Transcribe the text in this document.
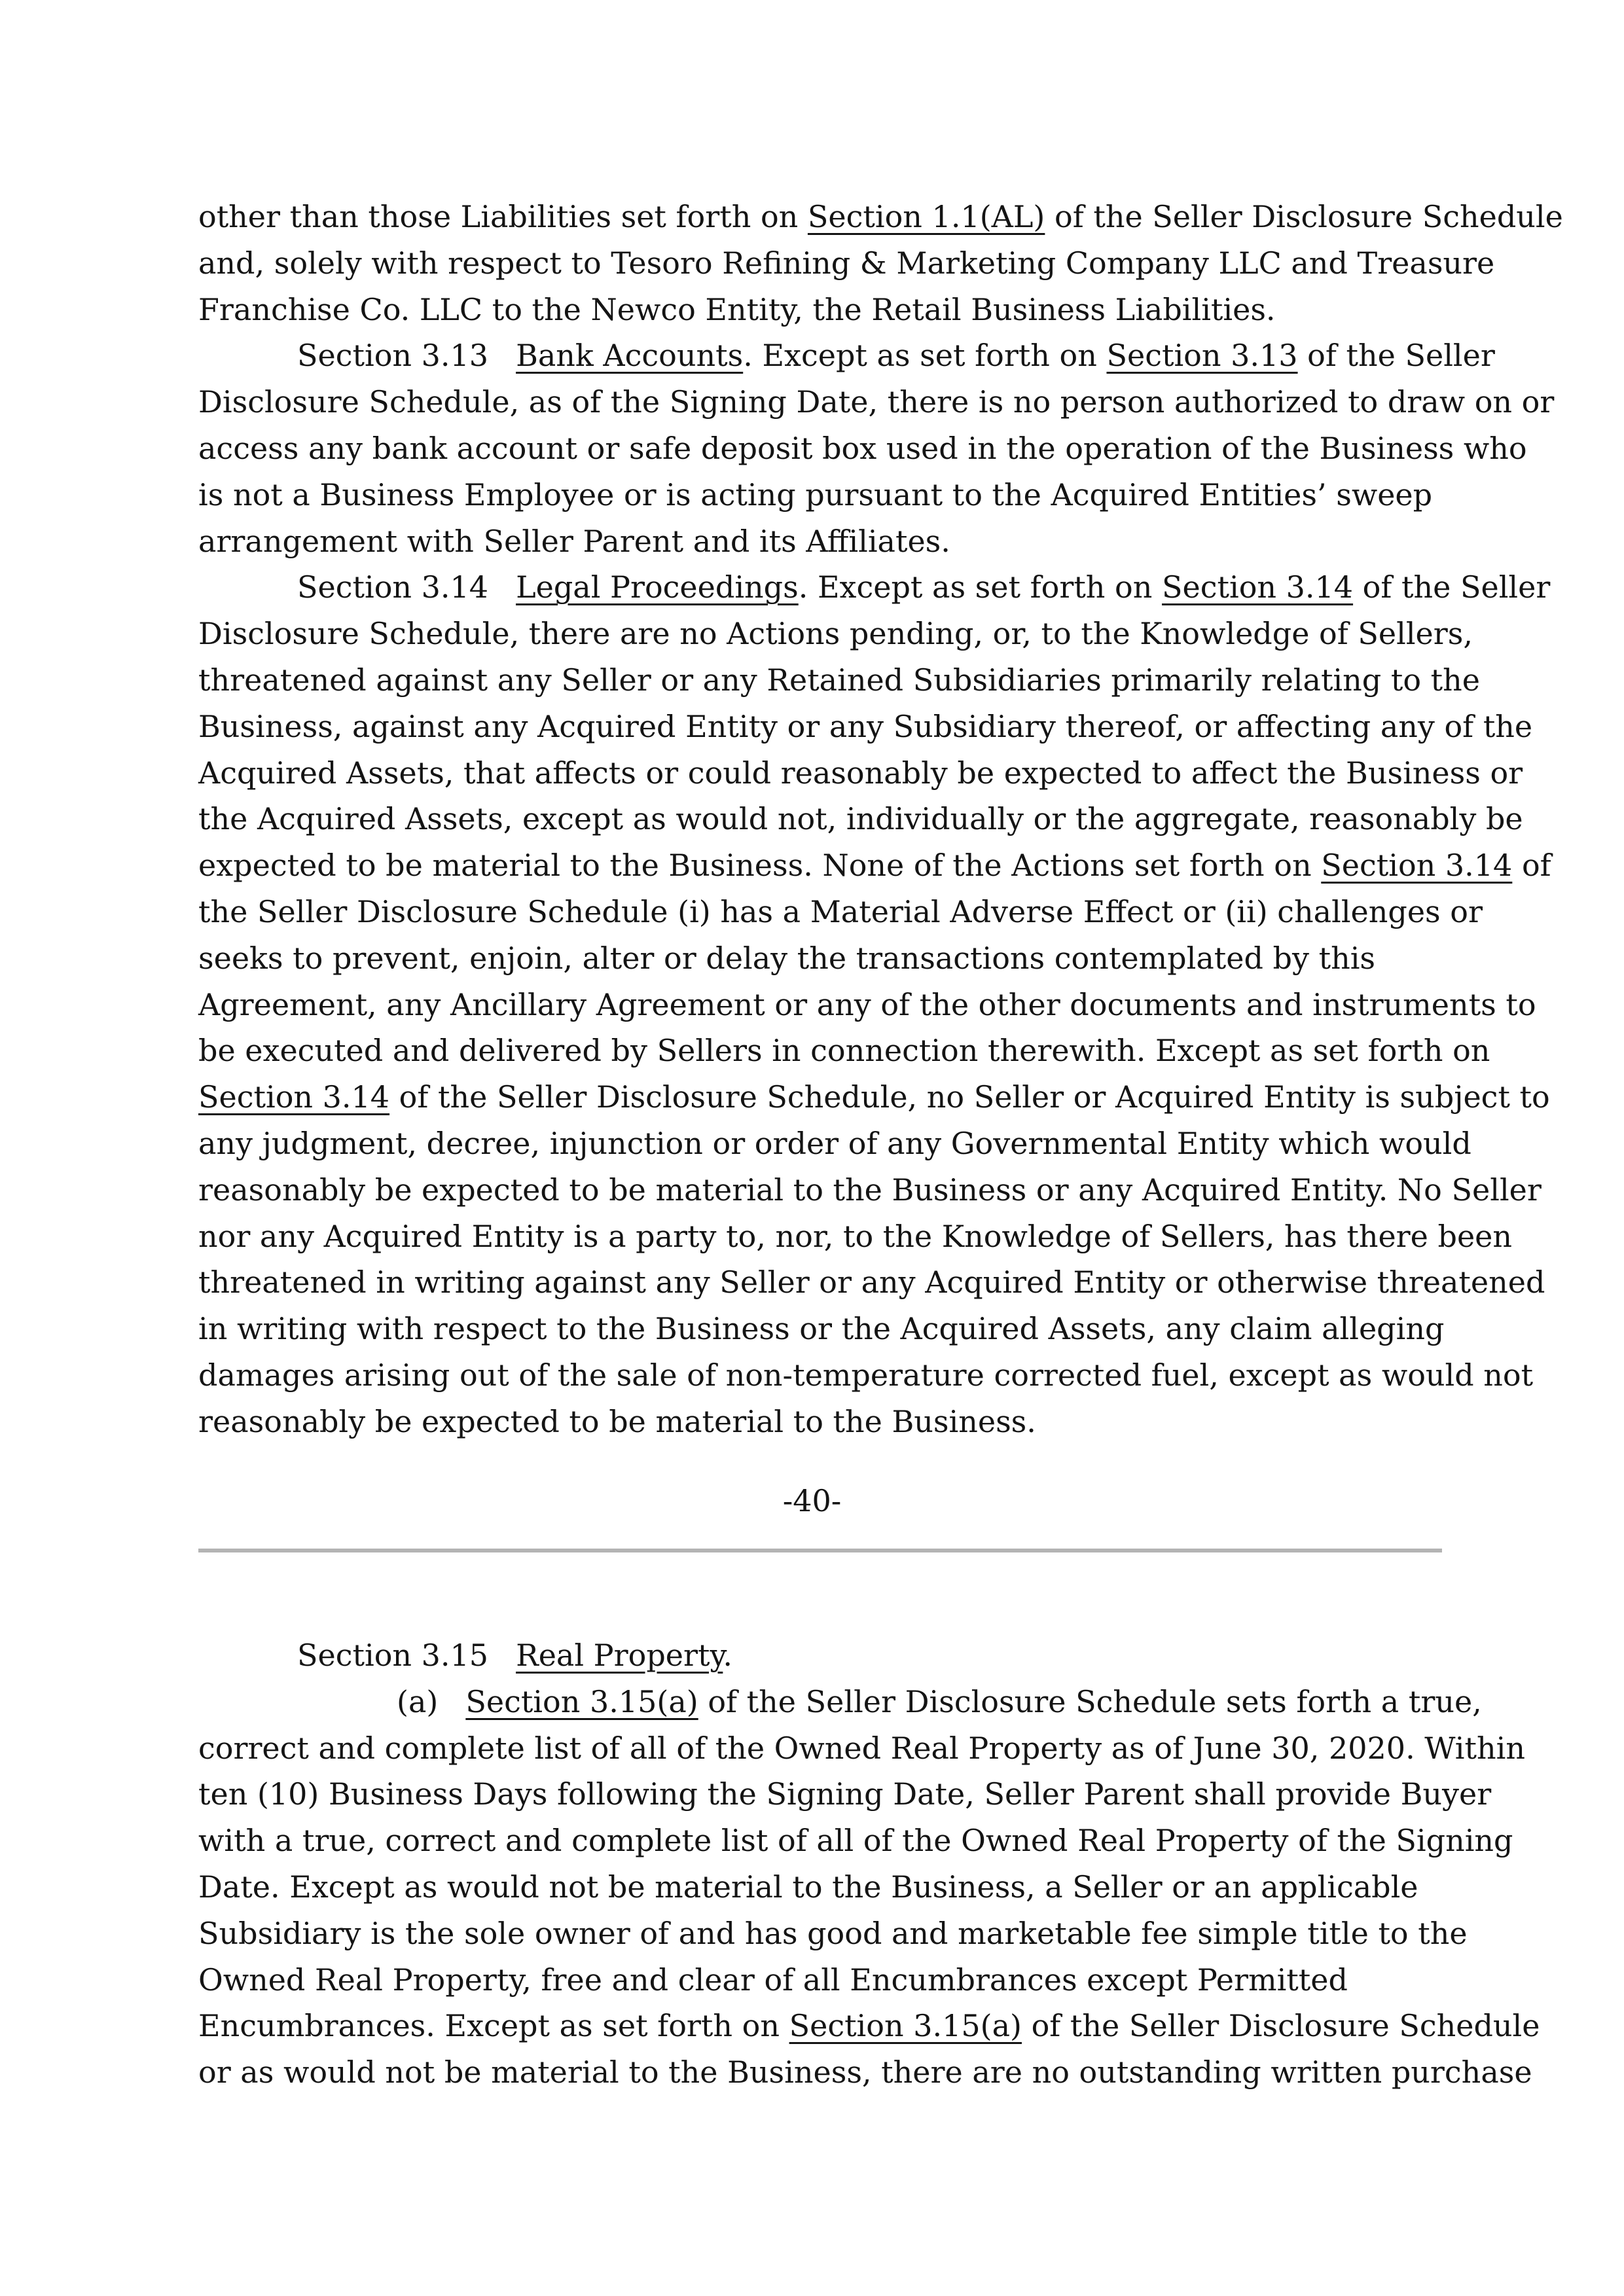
other than those Liabilities set forth on Section 1.1(AL) of the Seller Disclosure Schedule
and, solely with respect to Tesoro Refining & Marketing Company LLC and Treasure
Franchise Co. LLC to the Newco Entity, the Retail Business Liabilities.
Section 3.13 Bank Accounts. Except as set forth on Section 3.13 of the Seller
Disclosure Schedule, as of the Signing Date, there is no person authorized to draw on or
access any bank account or safe deposit box used in the operation of the Business who
is not a Business Employee or is acting pursuant to the Acquired Entities’ sweep
arrangement with Seller Parent and its Affiliates.
Section 3.14 Legal Proceedings. Except as set forth on Section 3.14 of the Seller
Disclosure Schedule, there are no Actions pending, or, to the Knowledge of Sellers,
threatened against any Seller or any Retained Subsidiaries primarily relating to the
Business, against any Acquired Entity or any Subsidiary thereof, or affecting any of the
Acquired Assets, that affects or could reasonably be expected to affect the Business or
the Acquired Assets, except as would not, individually or the aggregate, reasonably be
expected to be material to the Business. None of the Actions set forth on Section 3.14 of
the Seller Disclosure Schedule (i) has a Material Adverse Effect or (ii) challenges or
seeks to prevent, enjoin, alter or delay the transactions contemplated by this
Agreement, any Ancillary Agreement or any of the other documents and instruments to
be executed and delivered by Sellers in connection therewith. Except as set forth on
Section 3.14 of the Seller Disclosure Schedule, no Seller or Acquired Entity is subject to
any judgment, decree, injunction or order of any Governmental Entity which would
reasonably be expected to be material to the Business or any Acquired Entity. No Seller
nor any Acquired Entity is a party to, nor, to the Knowledge of Sellers, has there been
threatened in writing against any Seller or any Acquired Entity or otherwise threatened
in writing with respect to the Business or the Acquired Assets, any claim alleging
damages arising out of the sale of non-temperature corrected fuel, except as would not
reasonably be expected to be material to the Business.
-40-
Section 3.15 Real Property.
(a) Section 3.15(a) of the Seller Disclosure Schedule sets forth a true,
correct and complete list of all of the Owned Real Property as of June 30, 2020. Within
ten (10) Business Days following the Signing Date, Seller Parent shall provide Buyer
with a true, correct and complete list of all of the Owned Real Property of the Signing
Date. Except as would not be material to the Business, a Seller or an applicable
Subsidiary is the sole owner of and has good and marketable fee simple title to the
Owned Real Property, free and clear of all Encumbrances except Permitted
Encumbrances. Except as set forth on Section 3.15(a) of the Seller Disclosure Schedule
or as would not be material to the Business, there are no outstanding written purchase
